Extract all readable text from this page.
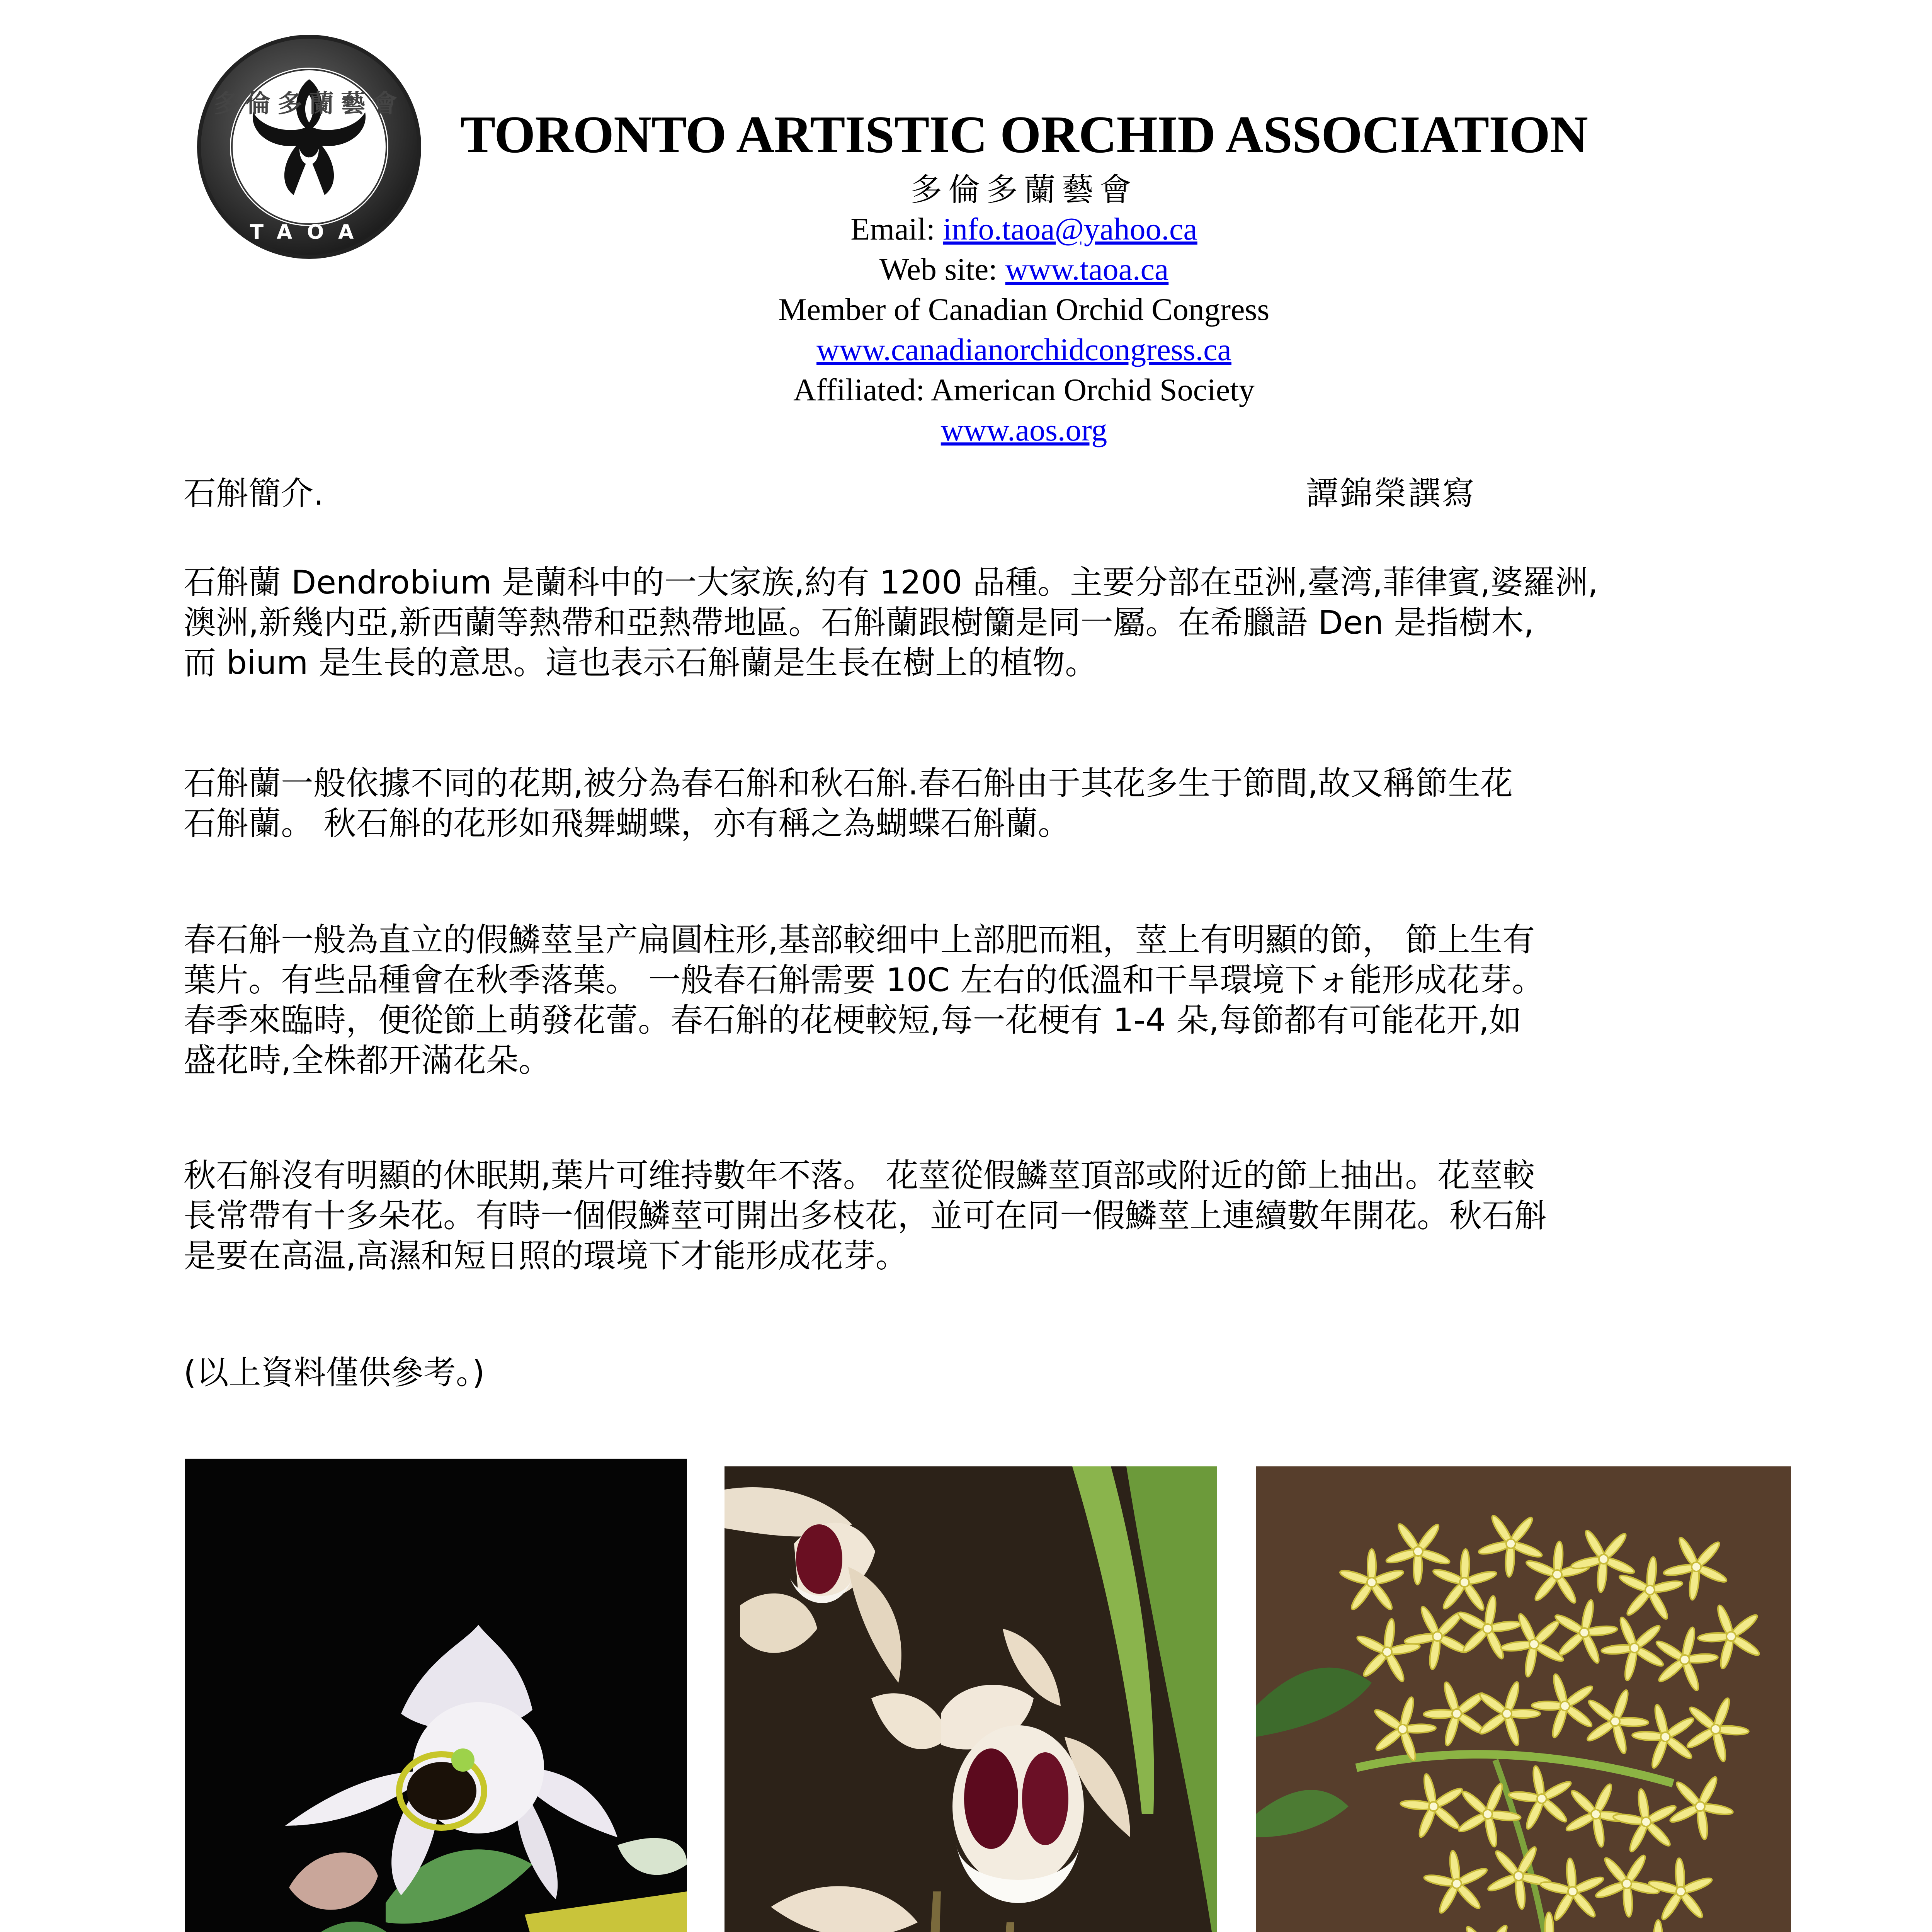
多倫多蘭藝會
TAOA
TORONTO ARTISTIC ORCHID ASSOCIATION
多倫多蘭藝會
Email: info.taoa@yahoo.ca
Web site: www.taoa.ca
Member of Canadian Orchid Congress
www.canadianorchidcongress.ca
Affiliated: American Orchid Society
www.aos.org
石斛簡介.	譚錦榮譔寫

石斛蘭 Dendrobium 是蘭科中的一大家族,約有 1200 品種。主要分部在亞洲,臺湾,菲律賓,婆羅洲,

澳洲,新幾内亞,新西蘭等熱帶和亞熱帶地區。石斛蘭跟樹籣是同一屬。在希臘語 Den 是指樹木,

而 bium 是生長的意思。這也表示石斛蘭是生長在樹上的植物。

石斛蘭一般依據不同的花期,被分為春石斛和秋石斛.春石斛由于其花多生于節間,故又稱節生花

石斛蘭。 秋石斛的花形如飛舞蝴蝶，亦有稱之為蝴蝶石斛蘭。

春石斛一般為直立的假鱗莖呈产扁圓柱形,基部較细中上部肥而粗，莖上有明顯的節， 節上生有

葉片。有些品種會在秋季落葉。 一般春石斛需要 10C 左右的低溫和干旱環境下ォ能形成花芽。

春季來臨時，便從節上萌發花蕾。春石斛的花梗較短,每一花梗有 1-4 朵,每節都有可能花开,如

盛花時,全株都开滿花朵。

秋石斛沒有明顯的休眠期,葉片可维持數年不落。 花莖從假鱗莖頂部或附近的節上抽出。花莖較

長常帶有十多朵花。有時一個假鱗莖可開出多枝花，並可在同一假鱗莖上連續數年開花。秋石斛

是要在高温,高濕和短日照的環境下才能形成花芽。

(以上資料僅供參考。)
